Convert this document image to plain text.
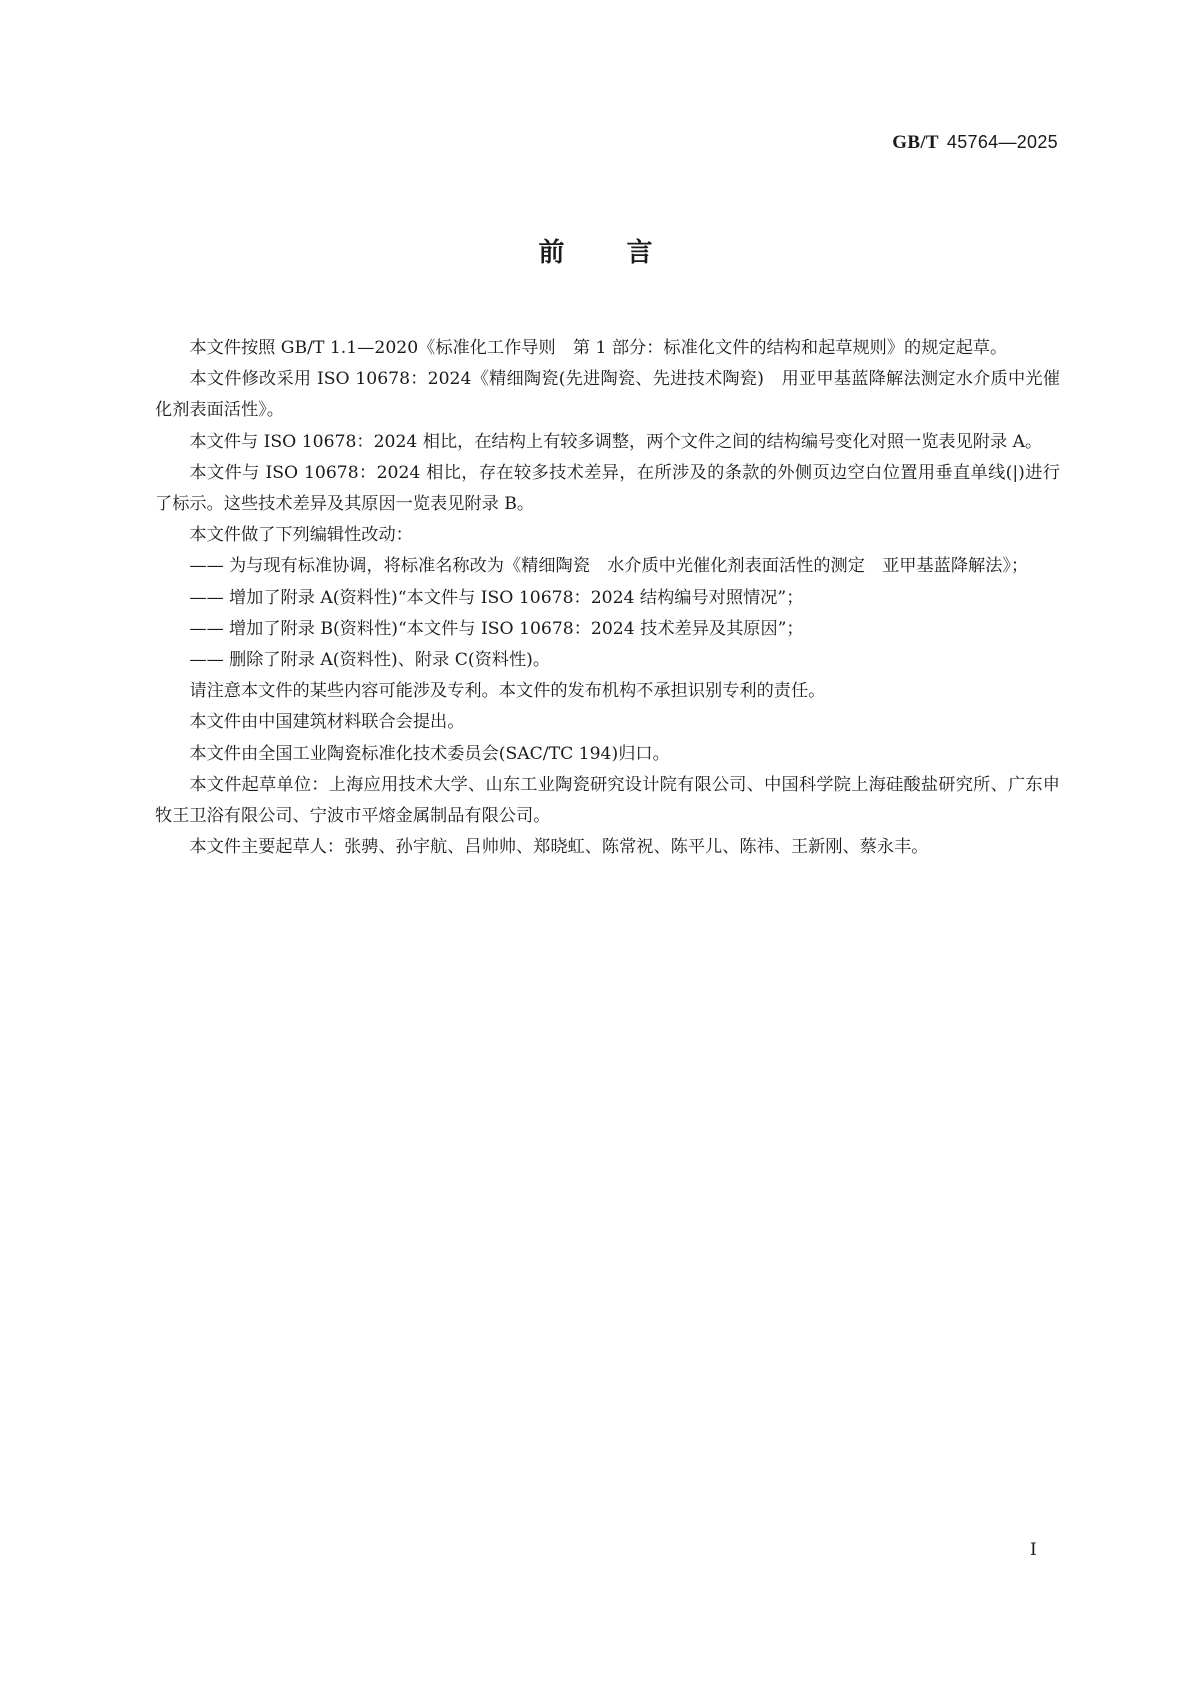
GB/T 45764—2025
前 言

本文件按照 GB/T 1.1—2020《标准化工作导则　第 1 部分：标准化文件的结构和起草规则》的规定起草。

本文件修改采用 ISO 10678：2024《精细陶瓷(先进陶瓷、先进技术陶瓷)　用亚甲基蓝降解法测定水介质中光催化剂表面活性》。

本文件与 ISO 10678：2024 相比，在结构上有较多调整，两个文件之间的结构编号变化对照一览表见附录 A。

本文件与 ISO 10678：2024 相比，存在较多技术差异，在所涉及的条款的外侧页边空白位置用垂直单线(|)进行了标示。这些技术差异及其原因一览表见附录 B。

本文件做了下列编辑性改动：

—— 为与现有标准协调，将标准名称改为《精细陶瓷　水介质中光催化剂表面活性的测定　亚甲基蓝降解法》；
—— 增加了附录 A(资料性)“本文件与 ISO 10678：2024 结构编号对照情况”；
—— 增加了附录 B(资料性)“本文件与 ISO 10678：2024 技术差异及其原因”；
—— 删除了附录 A(资料性)、附录 C(资料性)。

请注意本文件的某些内容可能涉及专利。本文件的发布机构不承担识别专利的责任。

本文件由中国建筑材料联合会提出。

本文件由全国工业陶瓷标准化技术委员会(SAC/TC 194)归口。

本文件起草单位：上海应用技术大学、山东工业陶瓷研究设计院有限公司、中国科学院上海硅酸盐研究所、广东申牧王卫浴有限公司、宁波市平熔金属制品有限公司。

本文件主要起草人：张骋、孙宇航、吕帅帅、郑晓虹、陈常祝、陈平儿、陈祎、王新刚、蔡永丰。

I
